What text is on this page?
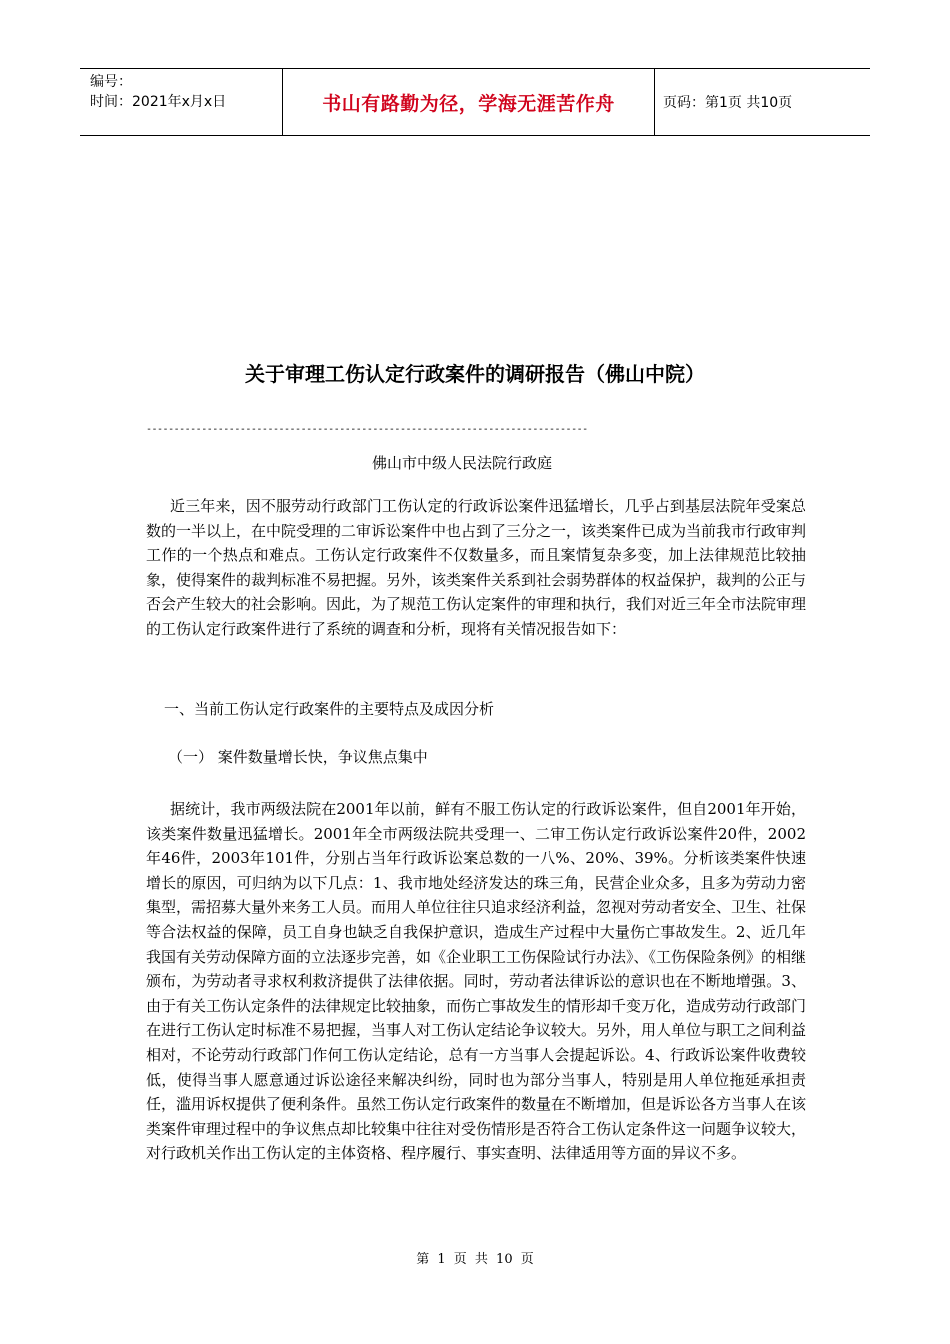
编号：
时间：2021年x月x日	书山有路勤为径，学海无涯苦作舟	页码：第1页 共10页
关于审理工伤认定行政案件的调研报告（佛山中院）
--------------------------------------------------------------------------------
佛山市中级人民法院行政庭

近三年来，因不服劳动行政部门工伤认定的行政诉讼案件迅猛增长，几乎占到基层法院年受案总数的一半以上，在中院受理的二审诉讼案件中也占到了三分之一，该类案件已成为当前我市行政审判工作的一个热点和难点。工伤认定行政案件不仅数量多，而且案情复杂多变，加上法律规范比较抽象，使得案件的裁判标准不易把握。另外，该类案件关系到社会弱势群体的权益保护，裁判的公正与否会产生较大的社会影响。因此，为了规范工伤认定案件的审理和执行，我们对近三年全市法院审理的工伤认定行政案件进行了系统的调查和分析，现将有关情况报告如下：

一、当前工伤认定行政案件的主要特点及成因分析

（一） 案件数量增长快，争议焦点集中

据统计，我市两级法院在2001年以前，鲜有不服工伤认定的行政诉讼案件，但自2001年开始，该类案件数量迅猛增长。2001年全市两级法院共受理一、二审工伤认定行政诉讼案件20件，2002年46件，2003年101件，分别占当年行政诉讼案总数的一八%、20%、39%。分析该类案件快速增长的原因，可归纳为以下几点：1、我市地处经济发达的珠三角，民营企业众多，且多为劳动力密集型，需招募大量外来务工人员。而用人单位往往只追求经济利益，忽视对劳动者安全、卫生、社保等合法权益的保障，员工自身也缺乏自我保护意识，造成生产过程中大量伤亡事故发生。2、近几年我国有关劳动保障方面的立法逐步完善，如《企业职工工伤保险试行办法》、《工伤保险条例》的相继颁布，为劳动者寻求权利救济提供了法律依据。同时，劳动者法律诉讼的意识也在不断地增强。3、由于有关工伤认定条件的法律规定比较抽象，而伤亡事故发生的情形却千变万化，造成劳动行政部门在进行工伤认定时标准不易把握，当事人对工伤认定结论争议较大。另外，用人单位与职工之间利益相对，不论劳动行政部门作何工伤认定结论，总有一方当事人会提起诉讼。4、行政诉讼案件收费较低，使得当事人愿意通过诉讼途径来解决纠纷，同时也为部分当事人，特别是用人单位拖延承担责任，滥用诉权提供了便利条件。虽然工伤认定行政案件的数量在不断增加，但是诉讼各方当事人在该类案件审理过程中的争议焦点却比较集中往往对受伤情形是否符合工伤认定条件这一问题争议较大，对行政机关作出工伤认定的主体资格、程序履行、事实查明、法律适用等方面的异议不多。

第 1 页 共 10 页
